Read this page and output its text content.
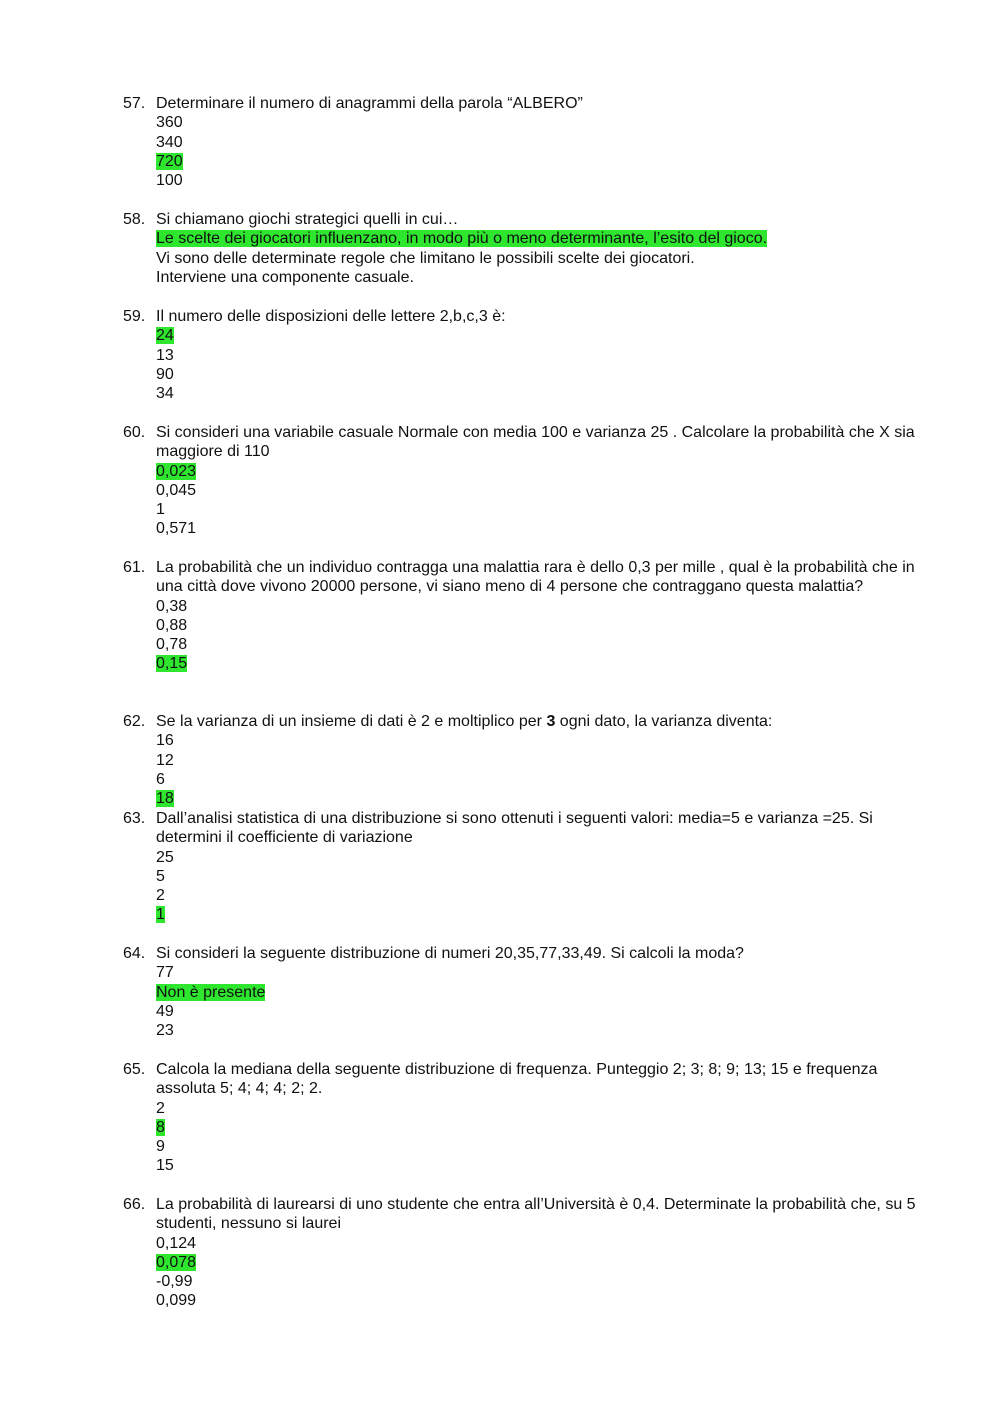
57. Determinare il numero di anagrammi della parola “ALBERO”
360
340
720
100
58. Si chiamano giochi strategici quelli in cui…
Le scelte dei giocatori influenzano, in modo più o meno determinante, l’esito del gioco.
Vi sono delle determinate regole che limitano le possibili scelte dei giocatori.
Interviene una componente casuale.
59. Il numero delle disposizioni delle lettere 2,b,c,3 è:
24
13
90
34
60. Si consideri una variabile casuale Normale con media 100 e varianza 25 . Calcolare la probabilità che X sia maggiore di 110
0,023
0,045
1
0,571
61. La probabilità che un individuo contragga una malattia rara è dello 0,3 per mille , qual è la probabilità che in una città dove vivono 20000 persone, vi siano meno di 4 persone che contraggano questa malattia?
0,38
0,88
0,78
0,15
62. Se la varianza di un insieme di dati è 2 e moltiplico per 3 ogni dato, la varianza diventa:
16
12
6
18
63. Dall’analisi statistica di una distribuzione si sono ottenuti i seguenti valori: media=5 e varianza =25. Si determini il coefficiente di variazione
25
5
2
1
64. Si consideri la seguente distribuzione di numeri 20,35,77,33,49. Si calcoli la moda?
77
Non è presente
49
23
65. Calcola la mediana della seguente distribuzione di frequenza. Punteggio 2; 3; 8; 9; 13; 15 e frequenza assoluta 5; 4; 4; 4; 2; 2.
2
8
9
15
66. La probabilità di laurearsi di uno studente che entra all’Università è 0,4. Determinate la probabilità che, su 5 studenti, nessuno si laurei
0,124
0,078
-0,99
0,099
